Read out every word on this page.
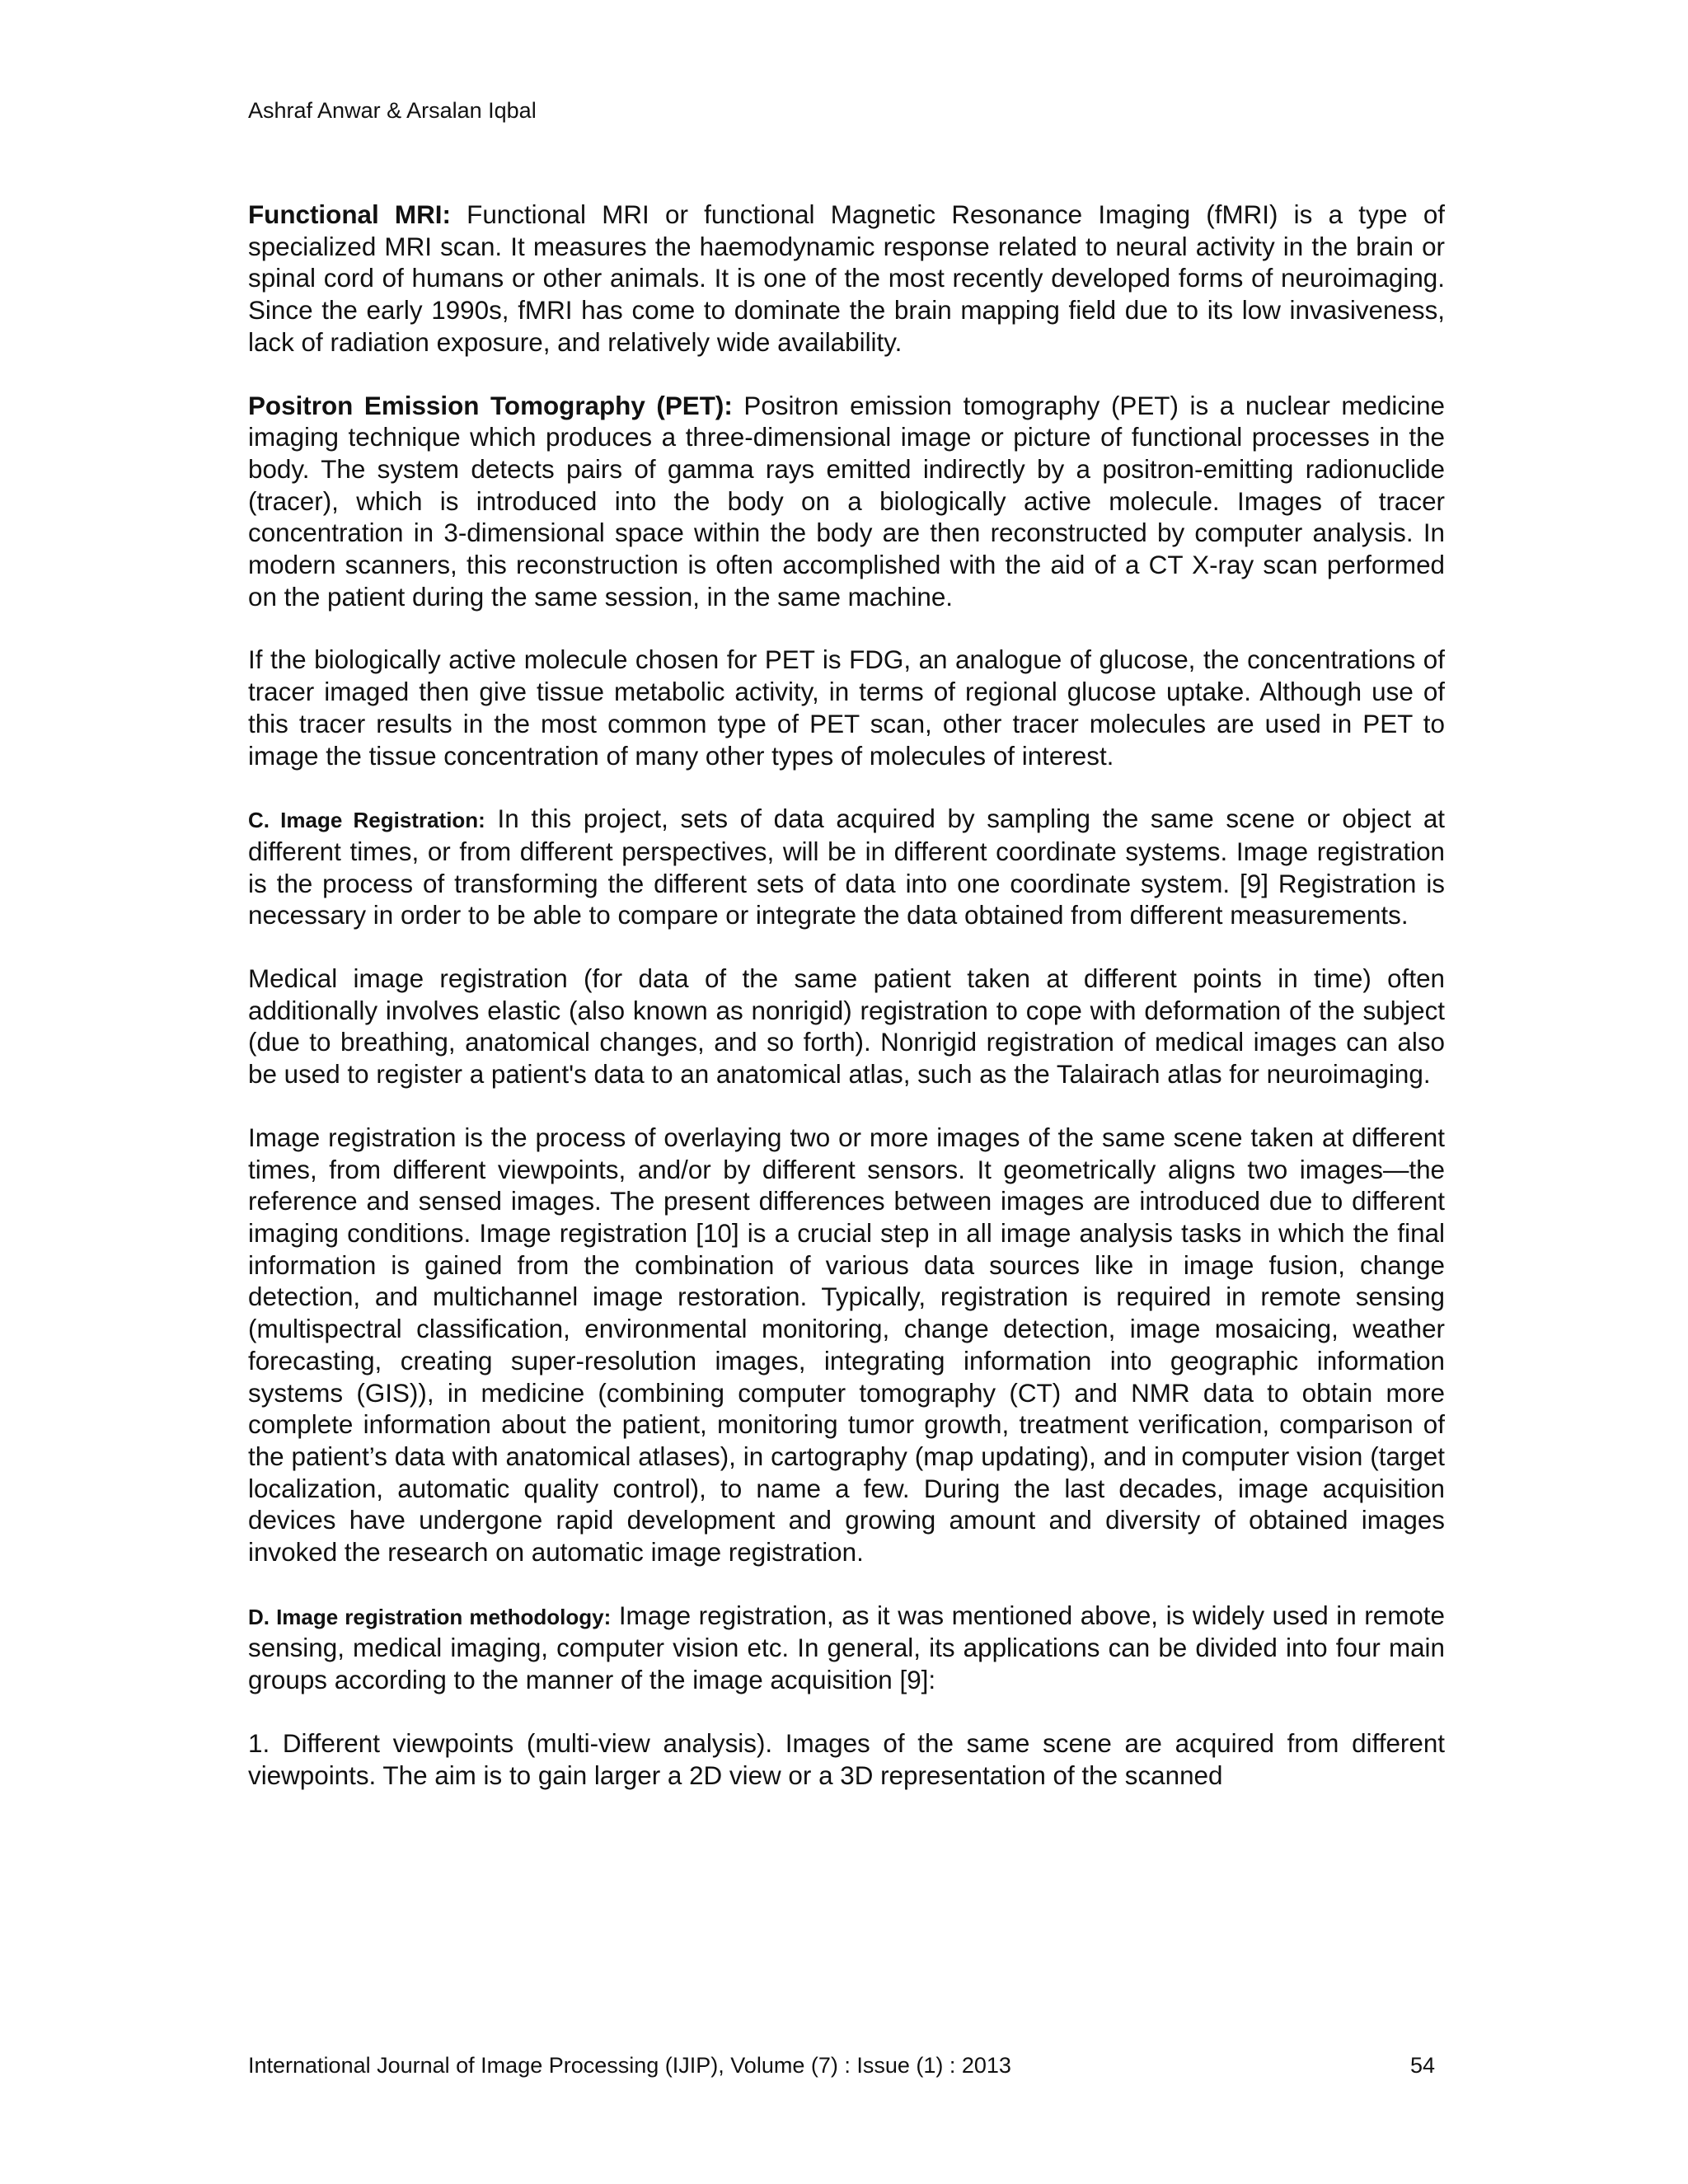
Ashraf Anwar & Arsalan Iqbal

Functional MRI: Functional MRI or functional Magnetic Resonance Imaging (fMRI) is a type of specialized MRI scan. It measures the haemodynamic response related to neural activity in the brain or spinal cord of humans or other animals. It is one of the most recently developed forms of neuroimaging. Since the early 1990s, fMRI has come to dominate the brain mapping field due to its low invasiveness, lack of radiation exposure, and relatively wide availability.

Positron Emission Tomography (PET): Positron emission tomography (PET) is a nuclear medicine imaging technique which produces a three-dimensional image or picture of functional processes in the body. The system detects pairs of gamma rays emitted indirectly by a positron-emitting radionuclide (tracer), which is introduced into the body on a biologically active molecule. Images of tracer concentration in 3-dimensional space within the body are then reconstructed by computer analysis. In modern scanners, this reconstruction is often accomplished with the aid of a CT X-ray scan performed on the patient during the same session, in the same machine.

If the biologically active molecule chosen for PET is FDG, an analogue of glucose, the concentrations of tracer imaged then give tissue metabolic activity, in terms of regional glucose uptake. Although use of this tracer results in the most common type of PET scan, other tracer molecules are used in PET to image the tissue concentration of many other types of molecules of interest.

C. Image Registration: In this project, sets of data acquired by sampling the same scene or object at different times, or from different perspectives, will be in different coordinate systems. Image registration is the process of transforming the different sets of data into one coordinate system. [9] Registration is necessary in order to be able to compare or integrate the data obtained from different measurements.

Medical image registration (for data of the same patient taken at different points in time) often additionally involves elastic (also known as nonrigid) registration to cope with deformation of the subject (due to breathing, anatomical changes, and so forth). Nonrigid registration of medical images can also be used to register a patient's data to an anatomical atlas, such as the Talairach atlas for neuroimaging.

Image registration is the process of overlaying two or more images of the same scene taken at different times, from different viewpoints, and/or by different sensors. It geometrically aligns two images—the reference and sensed images. The present differences between images are introduced due to different imaging conditions. Image registration [10] is a crucial step in all image analysis tasks in which the final information is gained from the combination of various data sources like in image fusion, change detection, and multichannel image restoration. Typically, registration is required in remote sensing (multispectral classification, environmental monitoring, change detection, image mosaicing, weather forecasting, creating super-resolution images, integrating information into geographic information systems (GIS)), in medicine (combining computer tomography (CT) and NMR data to obtain more complete information about the patient, monitoring tumor growth, treatment verification, comparison of the patient’s data with anatomical atlases), in cartography (map updating), and in computer vision (target localization, automatic quality control), to name a few. During the last decades, image acquisition devices have undergone rapid development and growing amount and diversity of obtained images invoked the research on automatic image registration.

D. Image registration methodology: Image registration, as it was mentioned above, is widely used in remote sensing, medical imaging, computer vision etc. In general, its applications can be divided into four main groups according to the manner of the image acquisition [9]:

1. Different viewpoints (multi-view analysis). Images of the same scene are acquired from different viewpoints. The aim is to gain larger a 2D view or a 3D representation of the scanned

International Journal of Image Processing (IJIP), Volume (7) : Issue (1) : 2013	54
